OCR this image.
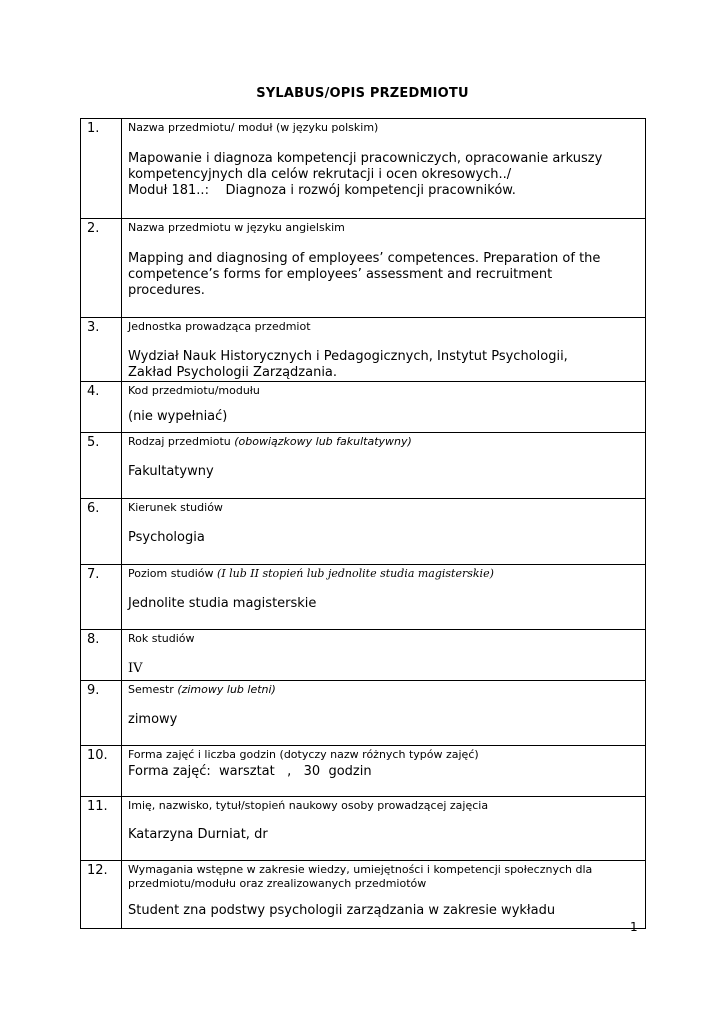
SYLABUS/OPIS PRZEDMIOTU
1.	Nazwa przedmiotu/ moduł (w języku polskim)
Mapowanie i diagnoza kompetencji pracowniczych, opracowanie arkuszy
kompetencyjnych dla celów rekrutacji i ocen okresowych../
Moduł 181..:    Diagnoza i rozwój kompetencji pracowników.

2.	Nazwa przedmiotu w języku angielskim
Mapping and diagnosing of employees’ competences. Preparation of the
competence’s forms for employees’ assessment and recruitment
procedures.

3.	Jednostka prowadząca przedmiot
Wydział Nauk Historycznych i Pedagogicznych, Instytut Psychologii,
Zakład Psychologii Zarządzania.

4.	Kod przedmiotu/modułu
(nie wypełniać)

5.	Rodzaj przedmiotu (obowiązkowy lub fakultatywny)
Fakultatywny

6.	Kierunek studiów
Psychologia

7.	Poziom studiów (I lub II stopień lub jednolite studia magisterskie)
Jednolite studia magisterskie

8.	Rok studiów
IV

9.	Semestr (zimowy lub letni)
zimowy

10.	Forma zajęć i liczba godzin (dotyczy nazw różnych typów zajęć)
Forma zajęć:  warsztat   ,   30  godzin

11.	Imię, nazwisko, tytuł/stopień naukowy osoby prowadzącej zajęcia
Katarzyna Durniat, dr

12.	Wymagania wstępne w zakresie wiedzy, umiejętności i kompetencji społecznych dla przedmiotu/modułu oraz zrealizowanych przedmiotów
Student zna podstwy psychologii zarządzania w zakresie wykładu
1
